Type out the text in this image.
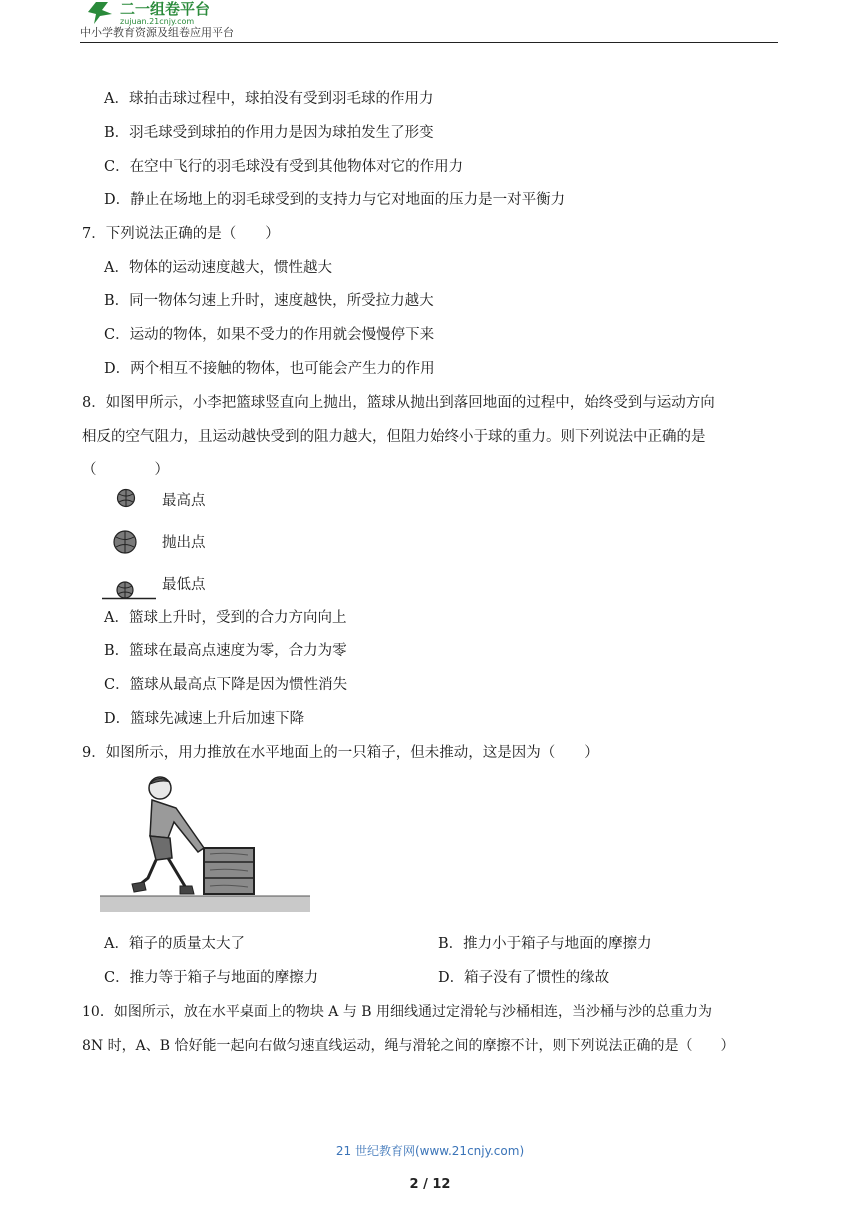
二一组卷平台
zujuan.21cnjy.com
中小学教育资源及组卷应用平台
A．球拍击球过程中，球拍没有受到羽毛球的作用力
B．羽毛球受到球拍的作用力是因为球拍发生了形变
C．在空中飞行的羽毛球没有受到其他物体对它的作用力
D．静止在场地上的羽毛球受到的支持力与它对地面的压力是一对平衡力
7．下列说法正确的是（　　）
A．物体的运动速度越大，惯性越大
B．同一物体匀速上升时，速度越快，所受拉力越大
C．运动的物体，如果不受力的作用就会慢慢停下来
D．两个相互不接触的物体，也可能会产生力的作用
8．如图甲所示，小李把篮球竖直向上抛出，篮球从抛出到落回地面的过程中，始终受到与运动方向
相反的空气阻力，且运动越快受到的阻力越大，但阻力始终小于球的重力。则下列说法中正确的是
（　　　　）
最高点
抛出点
最低点
A．篮球上升时，受到的合力方向向上
B．篮球在最高点速度为零，合力为零
C．篮球从最高点下降是因为惯性消失
D．篮球先减速上升后加速下降
9．如图所示，用力推放在水平地面上的一只箱子，但未推动，这是因为（　　）
A．箱子的质量太大了	B．推力小于箱子与地面的摩擦力
C．推力等于箱子与地面的摩擦力	D．箱子没有了惯性的缘故
10．如图所示，放在水平桌面上的物块 A 与 B 用细线通过定滑轮与沙桶相连，当沙桶与沙的总重力为
8N 时，A、B 恰好能一起向右做匀速直线运动，绳与滑轮之间的摩擦不计，则下列说法正确的是（　　）
21 世纪教育网(www.21cnjy.com)
2 / 12
